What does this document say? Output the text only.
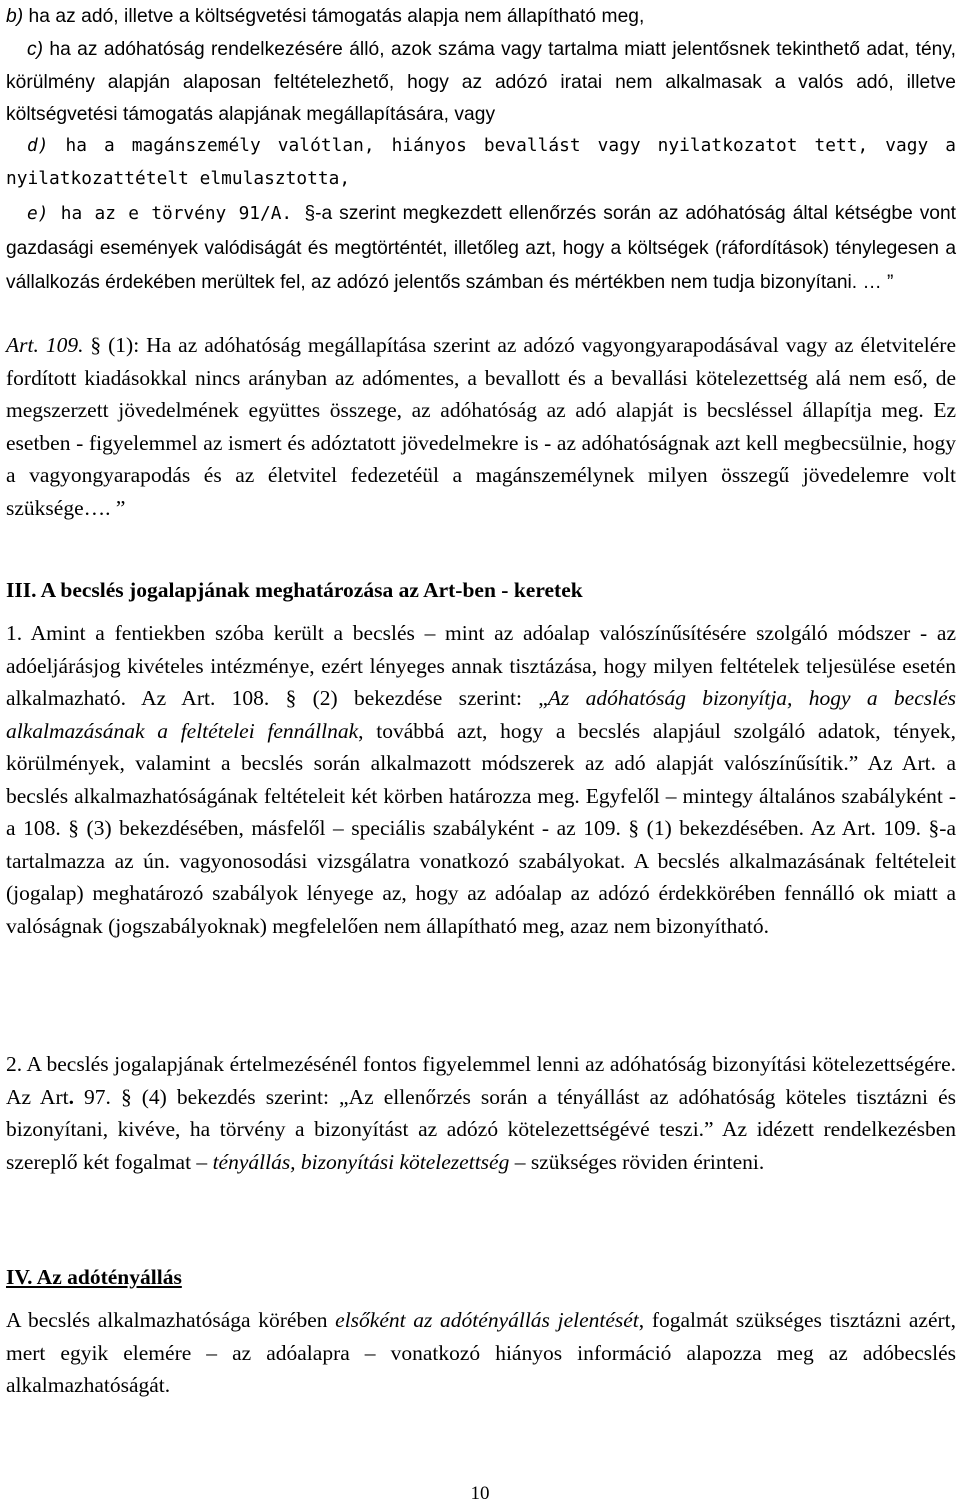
b) ha az adó, illetve a költségvetési támogatás alapja nem állapítható meg,

c) ha az adóhatóság rendelkezésére álló, azok száma vagy tartalma miatt jelentősnek tekinthető adat, tény, körülmény alapján alaposan feltételezhető, hogy az adózó iratai nem alkalmasak a valós adó, illetve költségvetési támogatás alapjának megállapítására, vagy

d) ha a magánszemély valótlan, hiányos bevallást vagy nyilatkozatot tett, vagy a nyilatkozattételt elmulasztotta,

e) ha az e törvény 91/A. §-a szerint megkezdett ellenőrzés során az adóhatóság által kétségbe vont gazdasági események valódiságát és megtörténtét, illetőleg azt, hogy a költségek (ráfordítások) ténylegesen a vállalkozás érdekében merültek fel, az adózó jelentős számban és mértékben nem tudja bizonyítani. … ”

Art. 109. § (1): Ha az adóhatóság megállapítása szerint az adózó vagyongyarapodásával vagy az életvitelére fordított kiadásokkal nincs arányban az adómentes, a bevallott és a bevallási kötelezettség alá nem eső, de megszerzett jövedelmének együttes összege, az adóhatóság az adó alapját is becsléssel állapítja meg. Ez esetben - figyelemmel az ismert és adóztatott jövedelmekre is - az adóhatóságnak azt kell megbecsülnie, hogy a vagyongyarapodás és az életvitel fedezetéül a magánszemélynek milyen összegű jövedelemre volt szüksége…. ”

III. A becslés jogalapjának meghatározása az Art-ben - keretek

1. Amint a fentiekben szóba került a becslés – mint az adóalap valószínűsítésére szolgáló módszer - az adóeljárásjog kivételes intézménye, ezért lényeges annak tisztázása, hogy milyen feltételek teljesülése esetén alkalmazható. Az Art. 108. § (2) bekezdése szerint: „Az adóhatóság bizonyítja, hogy a becslés alkalmazásának a feltételei fennállnak, továbbá azt, hogy a becslés alapjául szolgáló adatok, tények, körülmények, valamint a becslés során alkalmazott módszerek az adó alapját valószínűsítik.” Az Art. a becslés alkalmazhatóságának feltételeit két körben határozza meg. Egyfelől – mintegy általános szabályként - a 108. § (3) bekezdésében, másfelől – speciális szabályként - az 109. § (1) bekezdésében. Az Art. 109. §-a tartalmazza az ún. vagyonosodási vizsgálatra vonatkozó szabályokat. A becslés alkalmazásának feltételeit (jogalap) meghatározó szabályok lényege az, hogy az adóalap az adózó érdekkörében fennálló ok miatt a valóságnak (jogszabályoknak) megfelelően nem állapítható meg, azaz nem bizonyítható.

2. A becslés jogalapjának értelmezésénél fontos figyelemmel lenni az adóhatóság bizonyítási kötelezettségére. Az Art. 97. § (4) bekezdés szerint: „Az ellenőrzés során a tényállást az adóhatóság köteles tisztázni és bizonyítani, kivéve, ha törvény a bizonyítást az adózó kötelezettségévé teszi.” Az idézett rendelkezésben szereplő két fogalmat – tényállás, bizonyítási kötelezettség – szükséges röviden érinteni.

IV. Az adótényállás

A becslés alkalmazhatósága körében elsőként az adótényállás jelentését, fogalmát szükséges tisztázni azért, mert egyik elemére – az adóalapra – vonatkozó hiányos információ alapozza meg az adóbecslés alkalmazhatóságát.

10
